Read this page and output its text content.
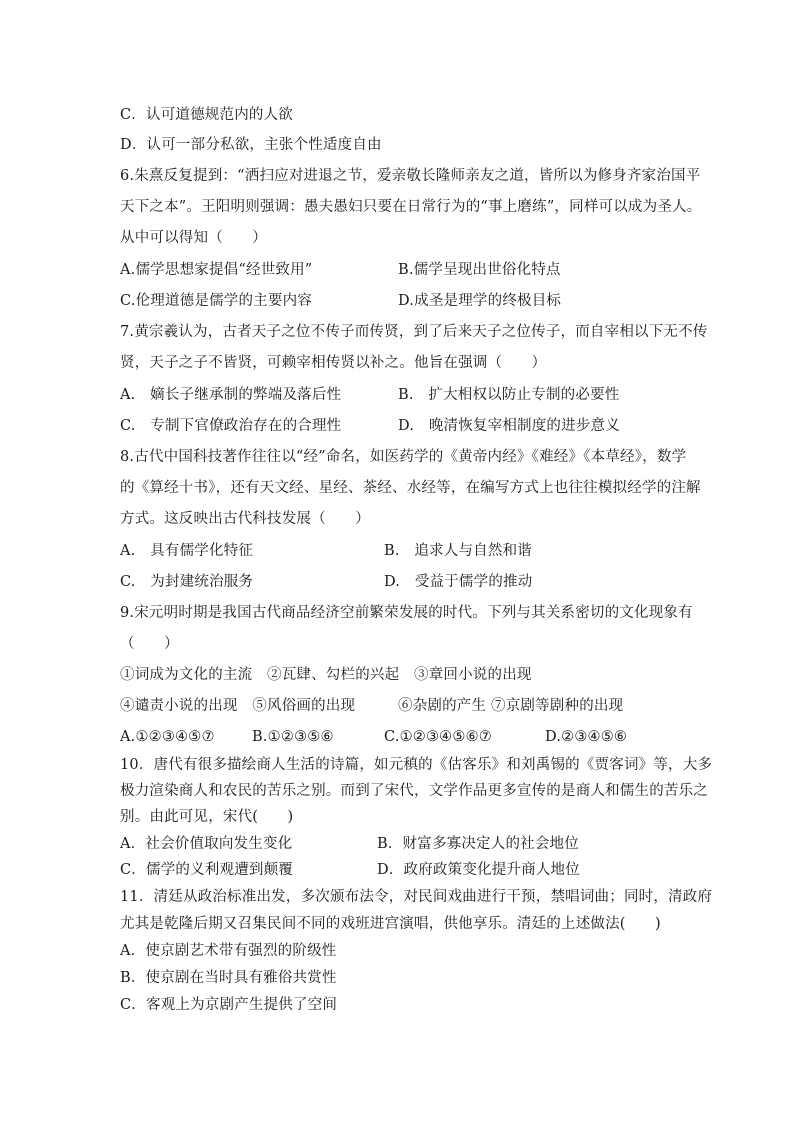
C．认可道德规范内的人欲
D．认可一部分私欲，主张个性适度自由
6.朱熹反复提到：“洒扫应对进退之节，爱亲敬长隆师亲友之道，皆所以为修身齐家治国平
天下之本”。王阳明则强调：愚夫愚妇只要在日常行为的“事上磨练”，同样可以成为圣人。
从中可以得知（　　）
A.儒学思想家提倡“经世致用”	B.儒学呈现出世俗化特点
C.伦理道德是儒学的主要内容	D.成圣是理学的终极目标
7.黄宗羲认为，古者天子之位不传子而传贤，到了后来天子之位传子，而自宰相以下无不传
贤，天子之子不皆贤，可赖宰相传贤以补之。他旨在强调（　　）
A.　嫡长子继承制的弊端及落后性	B.　扩大相权以防止专制的必要性
C.　专制下官僚政治存在的合理性	D.　晚清恢复宰相制度的进步意义
8.古代中国科技著作往往以“经”命名，如医药学的《黄帝内经》《难经》《本草经》，数学
的《算经十书》，还有天文经、星经、茶经、水经等，在编写方式上也往往模拟经学的注解
方式。这反映出古代科技发展（　　）
A.　具有儒学化特征	B.　追求人与自然和谐
C.　为封建统治服务	D.　受益于儒学的推动
9.宋元明时期是我国古代商品经济空前繁荣发展的时代。下列与其关系密切的文化现象有
（　　）
①词成为文化的主流　②瓦肆、勾栏的兴起　③章回小说的出现
④谴责小说的出现　⑤风俗画的出现	⑥杂剧的产生 ⑦京剧等剧种的出现
A.①②③④⑤⑦	B.①②③⑤⑥	C.①②③④⑤⑥⑦	D.②③④⑤⑥
10．唐代有很多描绘商人生活的诗篇，如元稹的《估客乐》和刘禹锡的《贾客词》等，大多
极力渲染商人和农民的苦乐之别。而到了宋代，文学作品更多宣传的是商人和儒生的苦乐之
别。由此可见，宋代(　　)
A．社会价值取向发生变化	B．财富多寡决定人的社会地位
C．儒学的义利观遭到颠覆	D．政府政策变化提升商人地位
11．清廷从政治标准出发，多次颁布法令，对民间戏曲进行干预，禁唱词曲；同时，清政府
尤其是乾隆后期又召集民间不同的戏班进宫演唱，供他享乐。清廷的上述做法(　　)
A．使京剧艺术带有强烈的阶级性
B．使京剧在当时具有雅俗共赏性
C．客观上为京剧产生提供了空间
